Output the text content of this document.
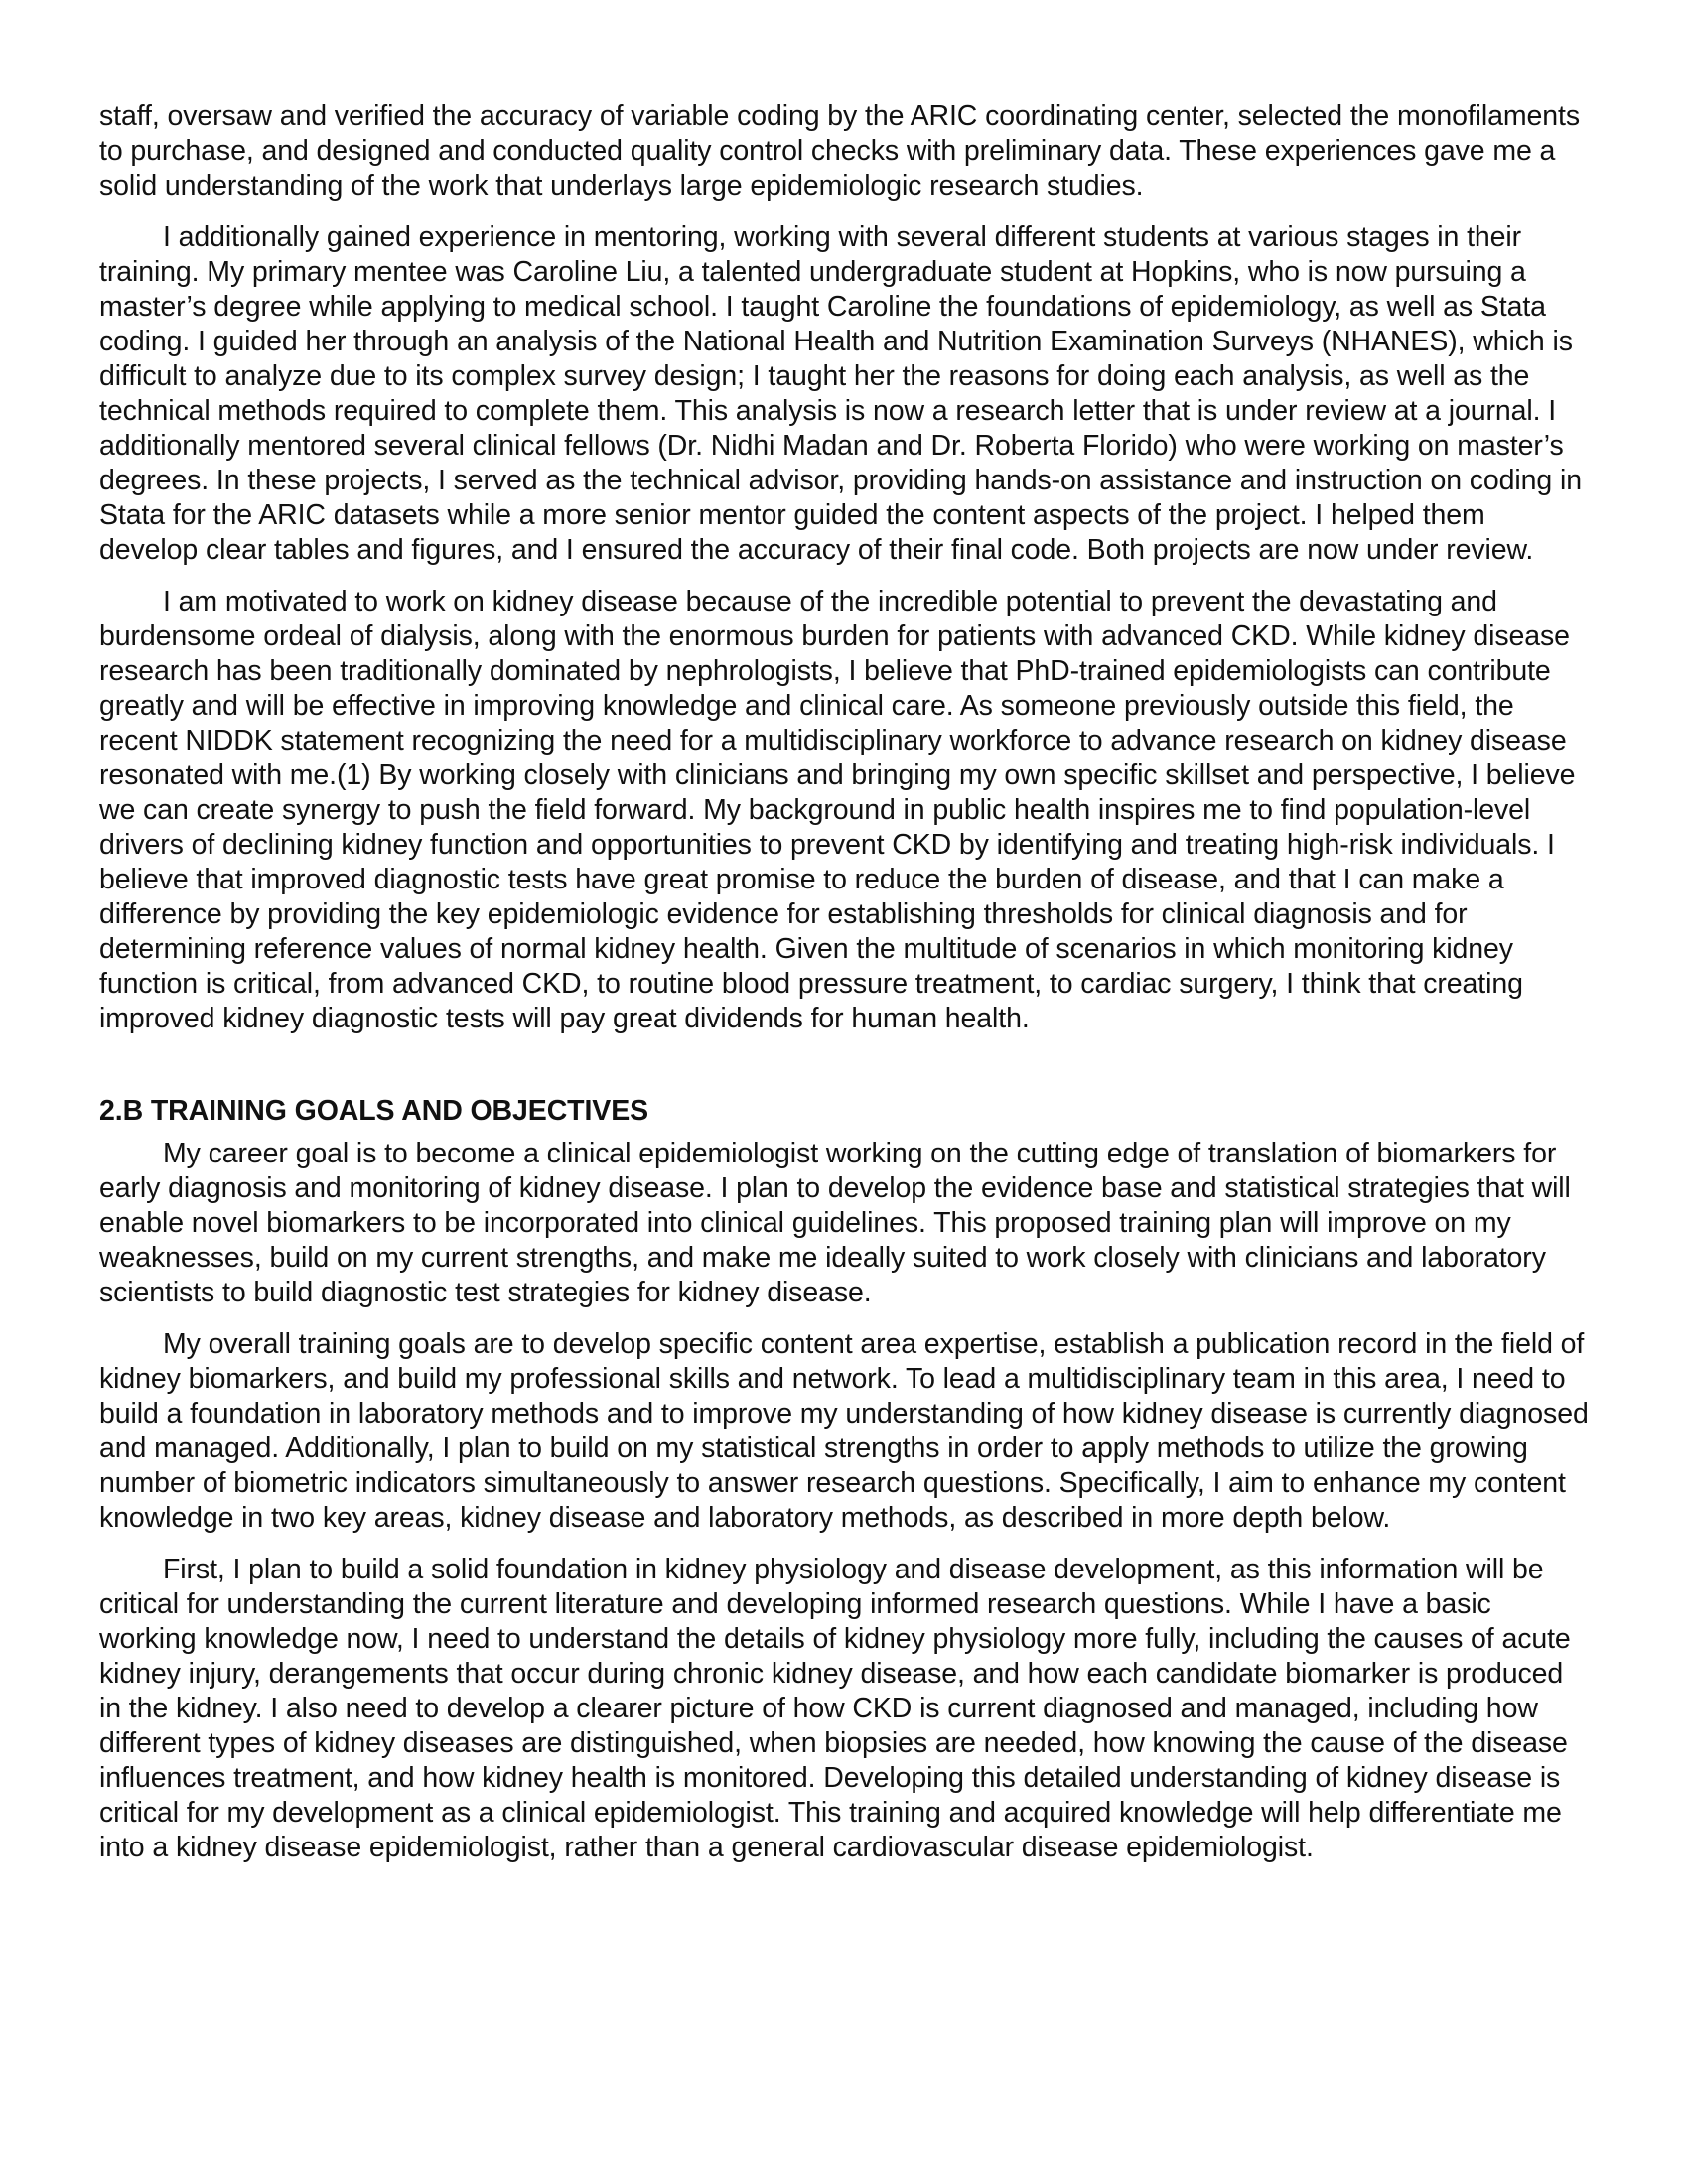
staff, oversaw and verified the accuracy of variable coding by the ARIC coordinating center, selected the monofilaments to purchase, and designed and conducted quality control checks with preliminary data. These experiences gave me a solid understanding of the work that underlays large epidemiologic research studies.

I additionally gained experience in mentoring, working with several different students at various stages in their training. My primary mentee was Caroline Liu, a talented undergraduate student at Hopkins, who is now pursuing a master’s degree while applying to medical school. I taught Caroline the foundations of epidemiology, as well as Stata coding. I guided her through an analysis of the National Health and Nutrition Examination Surveys (NHANES), which is difficult to analyze due to its complex survey design; I taught her the reasons for doing each analysis, as well as the technical methods required to complete them. This analysis is now a research letter that is under review at a journal. I additionally mentored several clinical fellows (Dr. Nidhi Madan and Dr. Roberta Florido) who were working on master’s degrees. In these projects, I served as the technical advisor, providing hands-on assistance and instruction on coding in Stata for the ARIC datasets while a more senior mentor guided the content aspects of the project. I helped them develop clear tables and figures, and I ensured the accuracy of their final code. Both projects are now under review.

I am motivated to work on kidney disease because of the incredible potential to prevent the devastating and burdensome ordeal of dialysis, along with the enormous burden for patients with advanced CKD. While kidney disease research has been traditionally dominated by nephrologists, I believe that PhD-trained epidemiologists can contribute greatly and will be effective in improving knowledge and clinical care. As someone previously outside this field, the recent NIDDK statement recognizing the need for a multidisciplinary workforce to advance research on kidney disease resonated with me.(1) By working closely with clinicians and bringing my own specific skillset and perspective, I believe we can create synergy to push the field forward. My background in public health inspires me to find population-level drivers of declining kidney function and opportunities to prevent CKD by identifying and treating high-risk individuals. I believe that improved diagnostic tests have great promise to reduce the burden of disease, and that I can make a difference by providing the key epidemiologic evidence for establishing thresholds for clinical diagnosis and for determining reference values of normal kidney health. Given the multitude of scenarios in which monitoring kidney function is critical, from advanced CKD, to routine blood pressure treatment, to cardiac surgery, I think that creating improved kidney diagnostic tests will pay great dividends for human health.

2.B TRAINING GOALS AND OBJECTIVES

My career goal is to become a clinical epidemiologist working on the cutting edge of translation of biomarkers for early diagnosis and monitoring of kidney disease. I plan to develop the evidence base and statistical strategies that will enable novel biomarkers to be incorporated into clinical guidelines. This proposed training plan will improve on my weaknesses, build on my current strengths, and make me ideally suited to work closely with clinicians and laboratory scientists to build diagnostic test strategies for kidney disease.

My overall training goals are to develop specific content area expertise, establish a publication record in the field of kidney biomarkers, and build my professional skills and network. To lead a multidisciplinary team in this area, I need to build a foundation in laboratory methods and to improve my understanding of how kidney disease is currently diagnosed and managed. Additionally, I plan to build on my statistical strengths in order to apply methods to utilize the growing number of biometric indicators simultaneously to answer research questions. Specifically, I aim to enhance my content knowledge in two key areas, kidney disease and laboratory methods, as described in more depth below.

First, I plan to build a solid foundation in kidney physiology and disease development, as this information will be critical for understanding the current literature and developing informed research questions. While I have a basic working knowledge now, I need to understand the details of kidney physiology more fully, including the causes of acute kidney injury, derangements that occur during chronic kidney disease, and how each candidate biomarker is produced in the kidney. I also need to develop a clearer picture of how CKD is current diagnosed and managed, including how different types of kidney diseases are distinguished, when biopsies are needed, how knowing the cause of the disease influences treatment, and how kidney health is monitored. Developing this detailed understanding of kidney disease is critical for my development as a clinical epidemiologist. This training and acquired knowledge will help differentiate me into a kidney disease epidemiologist, rather than a general cardiovascular disease epidemiologist.
